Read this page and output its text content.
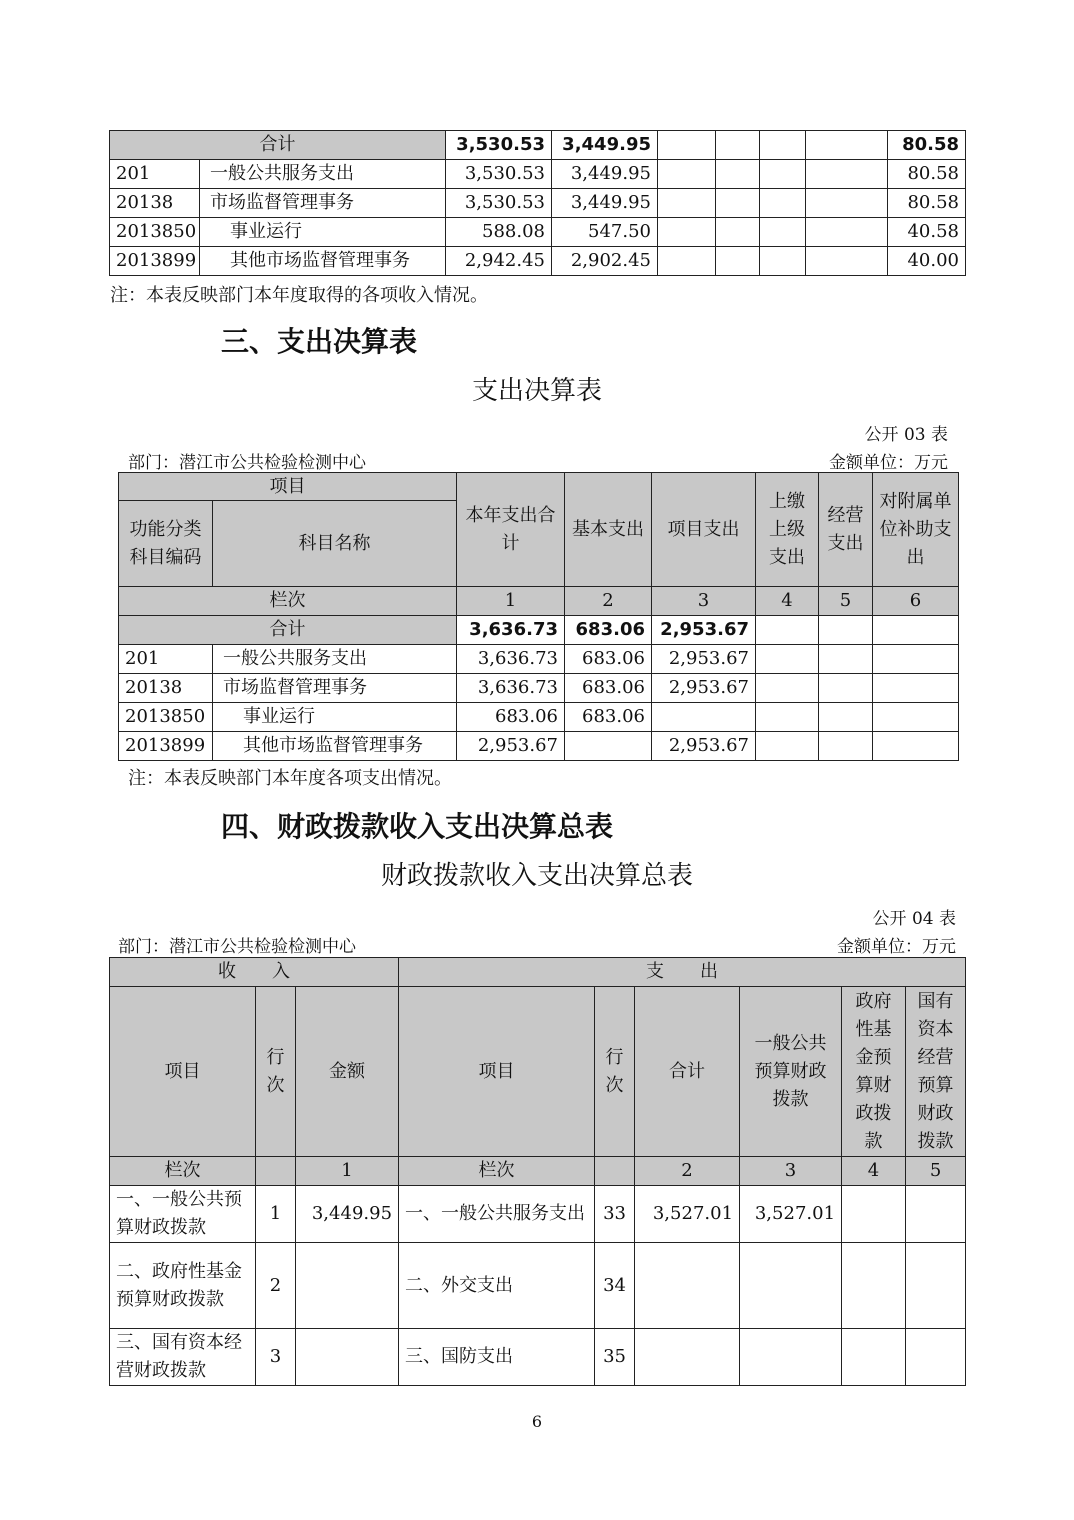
合计		3,530.53	3,449.95					80.58
201	一般公共服务支出	3,530.53	3,449.95					80.58
20138	市场监督管理事务	3,530.53	3,449.95					80.58
2013850	事业运行	588.08	547.50					40.58
2013899	其他市场监督管理事务	2,942.45	2,902.45					40.00
注：本表反映部门本年度取得的各项收入情况。
三、支出决算表
支出决算表
公开 03 表
部门：潜江市公共检验检测中心	金额单位：万元
项目		本年支出合计	基本支出	项目支出	上缴上级支出	经营支出	对附属单位补助支出
功能分类科目编码	科目名称						
栏次		1	2	3	4	5	6
合计		3,636.73	683.06	2,953.67			
201	一般公共服务支出	3,636.73	683.06	2,953.67			
20138	市场监督管理事务	3,636.73	683.06	2,953.67			
2013850	事业运行	683.06	683.06				
2013899	其他市场监督管理事务	2,953.67		2,953.67			
注：本表反映部门本年度各项支出情况。
四、财政拨款收入支出决算总表
财政拨款收入支出决算总表
公开 04 表
部门：潜江市公共检验检测中心	金额单位：万元
收　　入			支　　出					
项目	行次	金额	项目	行次	合计	一般公共预算财政拨款	政府性基金预算财政拨款	国有资本经营预算财政拨款
栏次		1	栏次		2	3	4	5
一、一般公共预算财政拨款	1	3,449.95	一、一般公共服务支出	33	3,527.01	3,527.01		
二、政府性基金预算财政拨款	2		二、外交支出	34				
三、国有资本经营财政拨款	3		三、国防支出	35				
6
